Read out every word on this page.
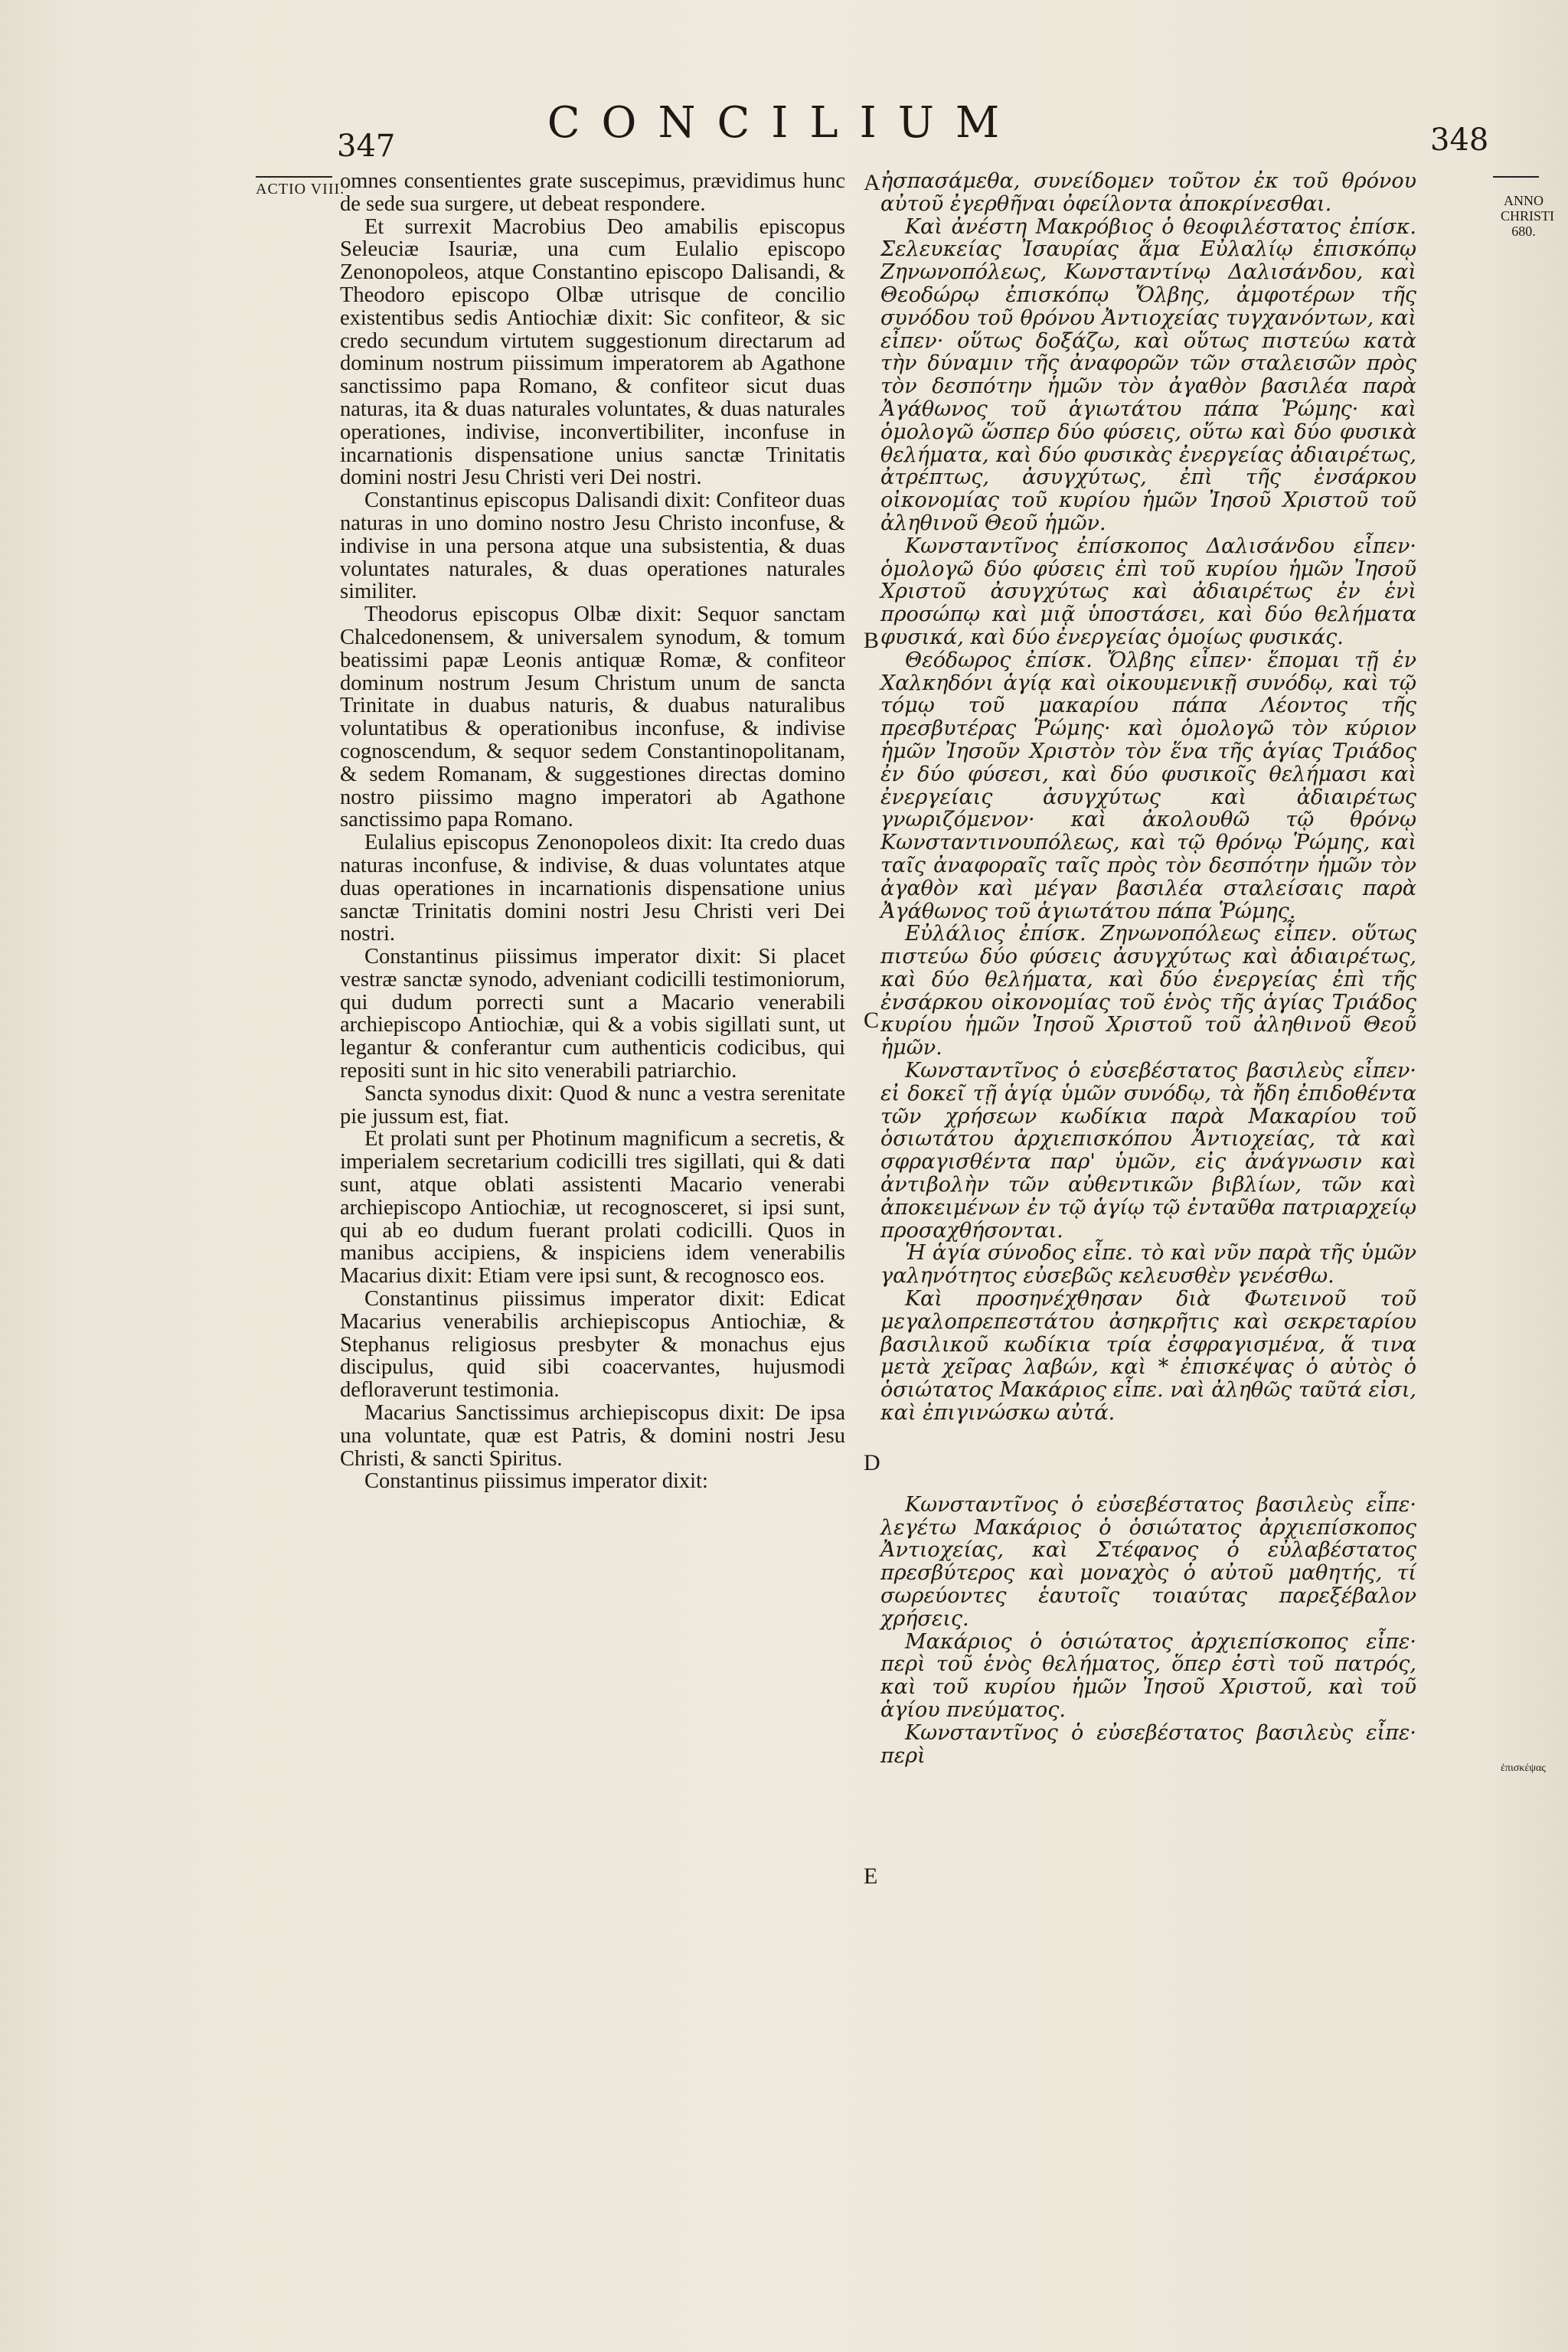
CONCILIUM
347	348
ACTIO VIII.
ANNO
CHRISTI
680.
A
B
C
D
E
ἐπισκέψας

omnes consentientes grate suscepimus, prævidimus hunc de sede sua surgere, ut debeat respondere.

Et surrexit Macrobius Deo amabilis episcopus Seleuciæ Isauriæ, una cum Eulalio episcopo Zenonopoleos, atque Constantino episcopo Dalisandi, & Theodoro episcopo Olbæ utrisque de concilio existentibus sedis Antiochiæ dixit: Sic confiteor, & sic credo secundum virtutem suggestionum directarum ad dominum nostrum piissimum imperatorem ab Agathone sanctissimo papa Romano, & confiteor sicut duas naturas, ita & duas naturales voluntates, & duas naturales operationes, indivise, inconvertibiliter, inconfuse in incarnationis dispensatione unius sanctæ Trinitatis domini nostri Jesu Christi veri Dei nostri.

Constantinus episcopus Dalisandi dixit: Confiteor duas naturas in uno domino nostro Jesu Christo inconfuse, & indivise in una persona atque una subsistentia, & duas voluntates naturales, & duas operationes naturales similiter.

Theodorus episcopus Olbæ dixit: Sequor sanctam Chalcedonensem, & universalem synodum, & tomum beatissimi papæ Leonis antiquæ Romæ, & confiteor dominum nostrum Jesum Christum unum de sancta Trinitate in duabus naturis, & duabus naturalibus voluntatibus & operationibus inconfuse, & indivise cognoscendum, & sequor sedem Constantinopolitanam, & sedem Romanam, & suggestiones directas domino nostro piissimo magno imperatori ab Agathone sanctissimo papa Romano.

Eulalius episcopus Zenonopoleos dixit: Ita credo duas naturas inconfuse, & indivise, & duas voluntates atque duas operationes in incarnationis dispensatione unius sanctæ Trinitatis domini nostri Jesu Christi veri Dei nostri.

Constantinus piissimus imperator dixit: Si placet vestræ sanctæ synodo, adveniant codicilli testimoniorum, qui dudum porrecti sunt a Macario venerabili archiepiscopo Antiochiæ, qui & a vobis sigillati sunt, ut legantur & conferantur cum authenticis codicibus, qui repositi sunt in hic sito venerabili patriarchio.

Sancta synodus dixit: Quod & nunc a vestra serenitate pie jussum est, fiat.

Et prolati sunt per Photinum magnificum a secretis, & imperialem secretarium codicilli tres sigillati, qui & dati sunt, atque oblati assistenti Macario venerabi archiepiscopo Antiochiæ, ut recognosceret, si ipsi sunt, qui ab eo dudum fuerant prolati codicilli. Quos in manibus accipiens, & inspiciens idem venerabilis Macarius dixit: Etiam vere ipsi sunt, & recognosco eos.

Constantinus piissimus imperator dixit: Edicat Macarius venerabilis archiepiscopus Antiochiæ, & Stephanus religiosus presbyter & monachus ejus discipulus, quid sibi coacervantes, hujusmodi defloraverunt testimonia.

Macarius Sanctissimus archiepiscopus dixit: De ipsa una voluntate, quæ est Patris, & domini nostri Jesu Christi, & sancti Spiritus.

Constantinus piissimus imperator dixit:

ἠσπασάμεθα, συνείδομεν τοῦτον ἐκ τοῦ θρόνου αὐτοῦ ἐγερθῆναι ὀφείλοντα ἀποκρίνεσθαι.

Καὶ ἀνέστη Μακρόβιος ὁ θεοφιλέστατος ἐπίσκ. Σελευκείας Ἰσαυρίας ἅμα Εὐλαλίῳ ἐπισκόπῳ Ζηνωνοπόλεως, Κωνσταντίνῳ Δαλισάνδου, καὶ Θεοδώρῳ ἐπισκόπῳ Ὄλβης, ἀμφοτέρων τῆς συνόδου τοῦ θρόνου Ἀντιοχείας τυγχανόντων, καὶ εἶπεν· οὕτως δοξάζω, καὶ οὕτως πιστεύω κατὰ τὴν δύναμιν τῆς ἀναφορῶν τῶν σταλεισῶν πρὸς τὸν δεσπότην ἡμῶν τὸν ἀγαθὸν βασιλέα παρὰ Ἀγάθωνος τοῦ ἁγιωτάτου πάπα Ῥώμης· καὶ ὁμολογῶ ὥσπερ δύο φύσεις, οὕτω καὶ δύο φυσικὰ θελήματα, καὶ δύο φυσικὰς ἐνεργείας ἀδιαιρέτως, ἀτρέπτως, ἀσυγχύτως, ἐπὶ τῆς ἐνσάρκου οἰκονομίας τοῦ κυρίου ἡμῶν Ἰησοῦ Χριστοῦ τοῦ ἀληθινοῦ Θεοῦ ἡμῶν.

Κωνσταντῖνος ἐπίσκοπος Δαλισάνδου εἶπεν· ὁμολογῶ δύο φύσεις ἐπὶ τοῦ κυρίου ἡμῶν Ἰησοῦ Χριστοῦ ἀσυγχύτως καὶ ἀδιαιρέτως ἐν ἑνὶ προσώπῳ καὶ μιᾷ ὑποστάσει, καὶ δύο θελήματα φυσικά, καὶ δύο ἐνεργείας ὁμοίως φυσικάς.

Θεόδωρος ἐπίσκ. Ὄλβης εἶπεν· ἕπομαι τῇ ἐν Χαλκηδόνι ἁγίᾳ καὶ οἰκουμενικῇ συνόδῳ, καὶ τῷ τόμῳ τοῦ μακαρίου πάπα Λέοντος τῆς πρεσβυτέρας Ῥώμης· καὶ ὁμολογῶ τὸν κύριον ἡμῶν Ἰησοῦν Χριστὸν τὸν ἕνα τῆς ἁγίας Τριάδος ἐν δύο φύσεσι, καὶ δύο φυσικοῖς θελήμασι καὶ ἐνεργείαις ἀσυγχύτως καὶ ἀδιαιρέτως γνωριζόμενον· καὶ ἀκολουθῶ τῷ θρόνῳ Κωνσταντινουπόλεως, καὶ τῷ θρόνῳ Ῥώμης, καὶ ταῖς ἀναφοραῖς ταῖς πρὸς τὸν δεσπότην ἡμῶν τὸν ἀγαθὸν καὶ μέγαν βασιλέα σταλείσαις παρὰ Ἀγάθωνος τοῦ ἁγιωτάτου πάπα Ῥώμης.

Εὐλάλιος ἐπίσκ. Ζηνωνοπόλεως εἶπεν. οὕτως πιστεύω δύο φύσεις ἀσυγχύτως καὶ ἀδιαιρέτως, καὶ δύο θελήματα, καὶ δύο ἐνεργείας ἐπὶ τῆς ἐνσάρκου οἰκονομίας τοῦ ἑνὸς τῆς ἁγίας Τριάδος κυρίου ἡμῶν Ἰησοῦ Χριστοῦ τοῦ ἀληθινοῦ Θεοῦ ἡμῶν.

Κωνσταντῖνος ὁ εὐσεβέστατος βασιλεὺς εἶπεν· εἰ δοκεῖ τῇ ἁγίᾳ ὑμῶν συνόδῳ, τὰ ἤδη ἐπιδοθέντα τῶν χρήσεων κωδίκια παρὰ Μακαρίου τοῦ ὁσιωτάτου ἀρχιεπισκόπου Ἀντιοχείας, τὰ καὶ σφραγισθέντα παρ' ὑμῶν, εἰς ἀνάγνωσιν καὶ ἀντιβολὴν τῶν αὐθεντικῶν βιβλίων, τῶν καὶ ἀποκειμένων ἐν τῷ ἁγίῳ τῷ ἐνταῦθα πατριαρχείῳ προσαχθήσονται.

Ἡ ἁγία σύνοδος εἶπε. τὸ καὶ νῦν παρὰ τῆς ὑμῶν γαληνότητος εὐσεβῶς κελευσθὲν γενέσθω.

Καὶ προσηνέχθησαν διὰ Φωτεινοῦ τοῦ μεγαλοπρεπεστάτου ἀσηκρῆτις καὶ σεκρεταρίου βασιλικοῦ κωδίκια τρία ἐσφραγισμένα, ἅ τινα μετὰ χεῖρας λαβών, καὶ * ἐπισκέψας ὁ αὐτὸς ὁ ὁσιώτατος Μακάριος εἶπε. ναὶ ἀληθῶς ταῦτά εἰσι, καὶ ἐπιγινώσκω αὐτά.

Κωνσταντῖνος ὁ εὐσεβέστατος βασιλεὺς εἶπε· λεγέτω Μακάριος ὁ ὁσιώτατος ἀρχιεπίσκοπος Ἀντιοχείας, καὶ Στέφανος ὁ εὐλαβέστατος πρεσβύτερος καὶ μοναχὸς ὁ αὐτοῦ μαθητής, τί σωρεύοντες ἑαυτοῖς τοιαύτας παρεξέβαλον χρήσεις.

Μακάριος ὁ ὁσιώτατος ἀρχιεπίσκοπος εἶπε· περὶ τοῦ ἑνὸς θελήματος, ὅπερ ἐστὶ τοῦ πατρός, καὶ τοῦ κυρίου ἡμῶν Ἰησοῦ Χριστοῦ, καὶ τοῦ ἁγίου πνεύματος.

Κωνσταντῖνος ὁ εὐσεβέστατος βασιλεὺς εἶπε· περὶ
